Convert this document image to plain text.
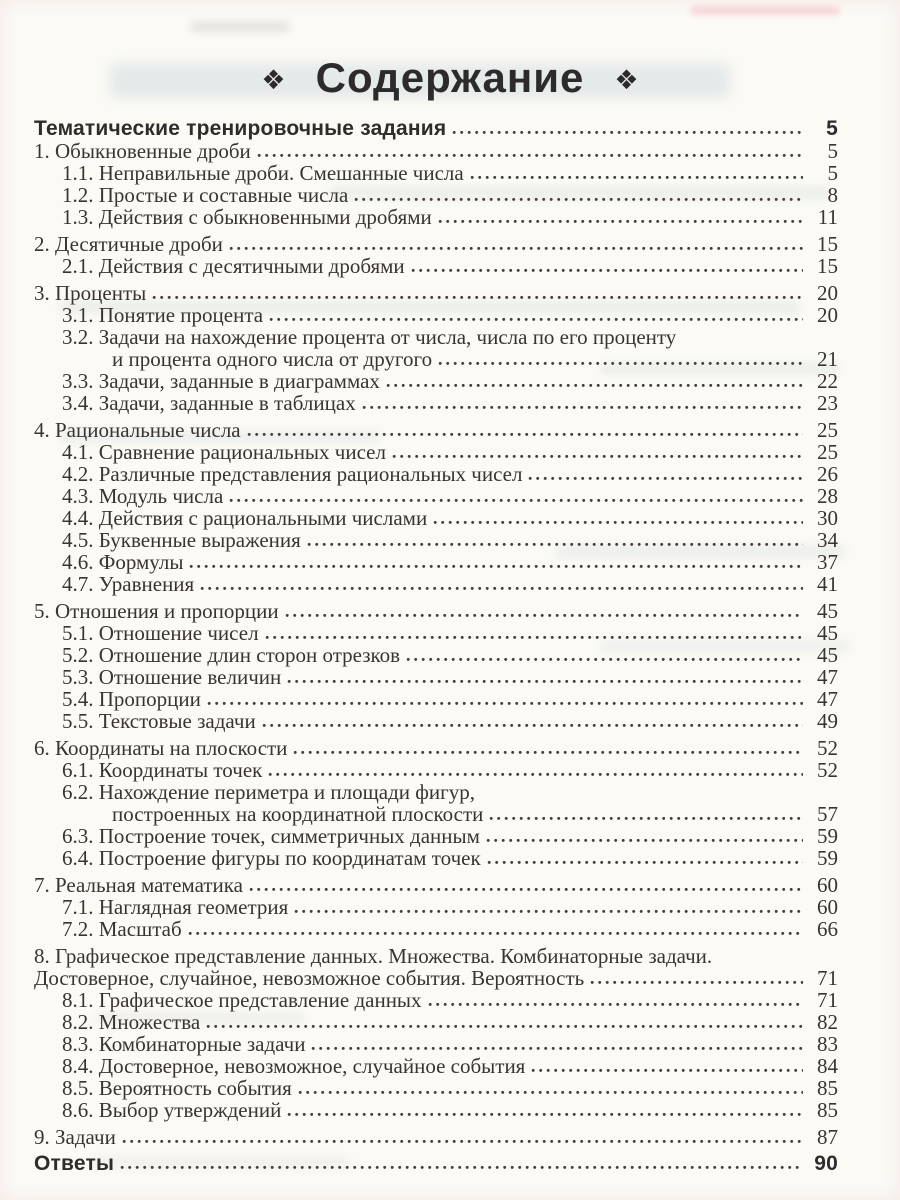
❖ Содержание ❖
Тематические тренировочные задания	5
1. Обыкновенные дроби	5
1.1. Неправильные дроби. Смешанные числа	5
1.2. Простые и составные числа	8
1.3. Действия с обыкновенными дробями	11
2. Десятичные дроби	15
2.1. Действия с десятичными дробями	15
3. Проценты	20
3.1. Понятие процента	20
3.2. Задачи на нахождение процента от числа, числа по его проценту
и процента одного числа от другого	21
3.3. Задачи, заданные в диаграммах	22
3.4. Задачи, заданные в таблицах	23
4. Рациональные числа	25
4.1. Сравнение рациональных чисел	25
4.2. Различные представления рациональных чисел	26
4.3. Модуль числа	28
4.4. Действия с рациональными числами	30
4.5. Буквенные выражения	34
4.6. Формулы	37
4.7. Уравнения	41
5. Отношения и пропорции	45
5.1. Отношение чисел	45
5.2. Отношение длин сторон отрезков	45
5.3. Отношение величин	47
5.4. Пропорции	47
5.5. Текстовые задачи	49
6. Координаты на плоскости	52
6.1. Координаты точек	52
6.2. Нахождение периметра и площади фигур,
построенных на координатной плоскости	57
6.3. Построение точек, симметричных данным	59
6.4. Построение фигуры по координатам точек	59
7. Реальная математика	60
7.1. Наглядная геометрия	60
7.2. Масштаб	66
8. Графическое представление данных. Множества. Комбинаторные задачи.
Достоверное, случайное, невозможное события. Вероятность	71
8.1. Графическое представление данных	71
8.2. Множества	82
8.3. Комбинаторные задачи	83
8.4. Достоверное, невозможное, случайное события	84
8.5. Вероятность события	85
8.6. Выбор утверждений	85
9. Задачи	87
Ответы	90
